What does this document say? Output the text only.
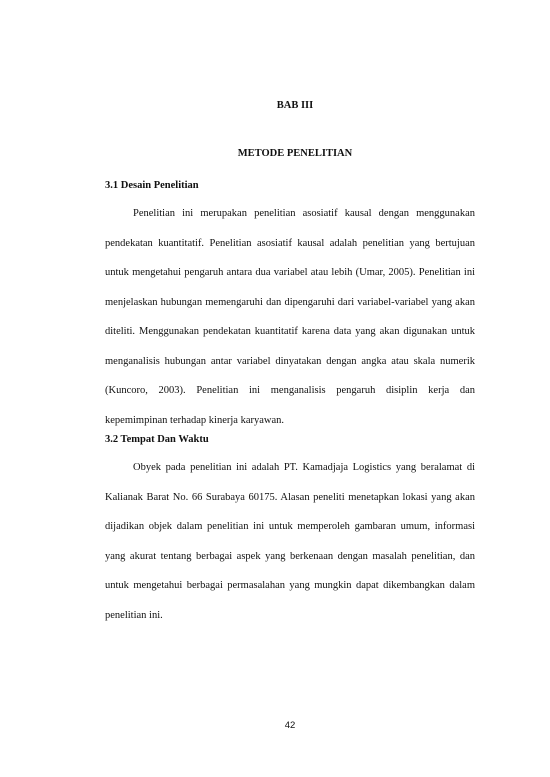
BAB III
METODE PENELITIAN
3.1 Desain Penelitian

Penelitian ini merupakan penelitian asosiatif kausal dengan menggunakan pendekatan kuantitatif. Penelitian asosiatif kausal adalah penelitian yang bertujuan untuk mengetahui pengaruh antara dua variabel atau lebih (Umar, 2005). Penelitian ini menjelaskan hubungan memengaruhi dan dipengaruhi dari variabel-variabel yang akan diteliti. Menggunakan pendekatan kuantitatif karena data yang akan digunakan untuk menganalisis hubungan antar variabel dinyatakan dengan angka atau skala numerik (Kuncoro, 2003). Penelitian ini menganalisis pengaruh disiplin kerja dan kepemimpinan terhadap kinerja karyawan.

3.2 Tempat Dan Waktu

Obyek pada penelitian ini adalah PT. Kamadjaja Logistics yang beralamat di Kalianak Barat No. 66 Surabaya 60175. Alasan peneliti menetapkan lokasi yang akan dijadikan objek dalam penelitian ini untuk memperoleh gambaran umum, informasi yang akurat tentang berbagai aspek yang berkenaan dengan masalah penelitian, dan untuk mengetahui berbagai permasalahan yang mungkin dapat dikembangkan dalam penelitian ini.

42
